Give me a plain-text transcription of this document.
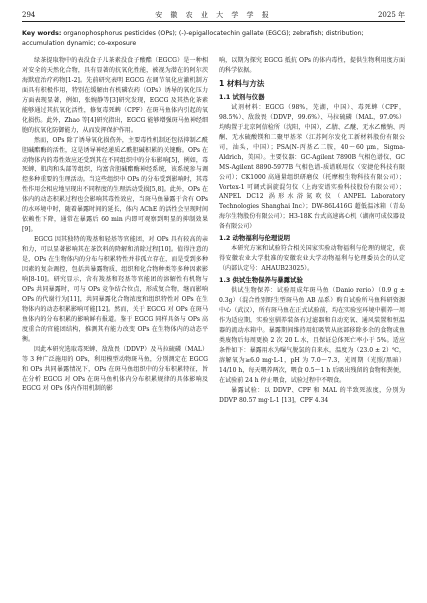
294	安 徽 农 业 大 学 学 报	2025 年
Key words: organophosphorus pesticides (OPs); (-)-epigallocatechin gallate (EGCG); zebrafish; distribution; accumulation dynamic; co-exposure

绿茶提取物中的表没食子儿茶素没食子酸酯（EGCG）是一种相对安全的天然化合物，具有显著的抗氧化性能，被视为潜在的阿尔茨海默症治疗药物[1-2]。先前研究表明 EGCG 在调节氧化应激机制方面具有积极作用，特别在缓解由有机磷农药（OPs）诱导的氧化压力方面表现显著，例如，张婉静等[3]研究发现，EGCG 及其热化茶素能够通过其抗氧化活性，修复毒死蜱（CPF）在斑马鱼体内引起的氧化损伤。此外，Zhao 等[4]研究指出，EGCG 能够增强斑马鱼神经细胞的抗氧化防御能力，从而发挥保护作用。

然而，OPs 除了诱导氧化损伤外，主要毒性机制还包括抑制乙酰胆碱酯酶的活性，这是诱导神经递质乙酰胆碱积累的关键酶。OPs 在动物体内的毒性效应还受到其在不同组织中的分布影响[5]，例如，毒死蜱、肌肉和头部等组织，均富含胆碱酯酶神经系统，该系统参与调控多种重要的生理活动。当这些组织中 OPs 的分布受到影响时，其毒性作用会相应地呈现出不同程度的生理活动受损[5,8]。此外，OPs 在体内的动态积累过程也会影响其毒性效应，当斑马鱼暴露于含有 OPs 的水环境中时，随着暴露时间的延长，体内 AChE 的活性会呈现时间依赖性下降，通常在暴露后 60 min 内即可观察到明显的抑制效果[9]。

EGCG 因其独特的羧基和轻基等官能团，对 OPs 具有较高的亲和力，可以显著影响其在茶饮料的降解和消除过程[10]。值得注意的是，OPs 在生物体内的分布与积累特性并非孤立存在，而是受到多种因素的复杂调控，包括共暴露物质、组织和化合物种类等多种因素影响[8-10]。研究显示，含有羧基和羟基等官能团的溶解性有机物与 OPs 共同暴露时，可与 OPs 竞争结合位点，形成复合物，继而影响 OPs 的代谢行为[11]，共同暴露化合物浓度和组织特性对 OPs 在生物体内的动态积累影响可能[12]。然而，关于 EGCG 对 OPs 在斑马鱼体内的分布积累的影响鲜有报道。鉴于 EGCG 同样具备与 OPs 高度重合的官能团结构，推测其有能力改变 OPs 在生物体内的动态平衡。

因此本研究选取毒死蜱、敌敌畏（DDVP）及马拉硫磷（MAL）等 3 种广泛施用的 OPs，利用模型动物斑马鱼，分别测定在 EGCG 和 OPs 共同暴露情况下，OPs 在斑马鱼组织中的分布积累特征，旨在分析 EGCG 对 OPs 在斑马鱼机体内分布积累规律的具体影响及 EGCG 对 OPs 体内作用机制的影

响，以期为探究 EGCG 抵抗 OPs 的体内毒性，提供生物利用度方面的科学依据。

1 材料与方法
1.1 试剂与仪器

试剂材料：EGCG（98%，芜湖，中国）、毒死蜱（CPF，98.5%）、敌敌畏（DDVP，99.6%）、马拉硫磷（MAL，97.0%）均购置于北京阿信检所（沈阳，中国），乙腈、乙醚、无水乙酸钠、丙酮、无水硫酸镁和二聚甲基苯（江苏阿尔发化工新材料股份有限公司，汕头，中国）；PSA(N-丙基乙二胺，40～60 μm，Sigma-Aldrich，美国）。主要仪器：GC-Agilent 7890B 气相色谱仪、GC MS-Agilent 8890-5977B 气相色谱-质谱联用仪（安捷伦科技有限公司）；CK1000 高通量组织研磨仪（托摩根生物科技有限公司）；Vortex-1 可调式涡旋混匀仪（上海安谱实验科技股份有限公司）；ANPEL DC12 涡形水浴氮吹仪（ANPEL Laboratory Technologies Shanghai Inc）；DW-86L416G 超低温冰箱（青岛海尔生物股份有限公司）；H3-18K 台式高速离心机（湖南可成仪器设备有限公司）

1.2 动物福利与伦理说明

本研究方案和试验符合相关国家实验动物福利与伦理的规定，获得安徽农业大学批准的安徽农业大学动物福利与伦理委员会的认定（内部认定号：AHAUB23025）。

1.3 供试生物保养与暴露试验

供试生物保养：试验用成年斑马鱼（Danio rerio）（0.9 g ± 0.3g）（混合性别野生型斑马鱼 AB 品系）购自试验所马鱼科研资源中心（武汉），所有斑马鱼在正式试验前，均在实验室环境中驯养一周作为适应期，实验室驯养装备有过滤器和自动充氧、通风装置和恒温器的流动水箱中。暴露期间维持用虹吸管从底部移除多余的食物或鱼类废物后每周更换 2 次 20 L 水，且保证总体死亡率小于 5%。适应条件如下：暴露用水为曝气脱氯的自来水，温度为（23.0 ± 2）℃，溶解氧为≥6.0 mg·L-1，pH 为 7.0～7.3，光周期（光照/黑暗）14/10 h，每天喂养两次，喂食 0.5～1 h 后吸出残留的食物和粪便，在试验前 24 h 停止喂食，试验过程中不喂食。

暴露试验：以 DDVP、CPF 和 MAL 的半致死浓度，分别为 DDVP 80.57 mg·L-1 [13]，CPF 4.34
